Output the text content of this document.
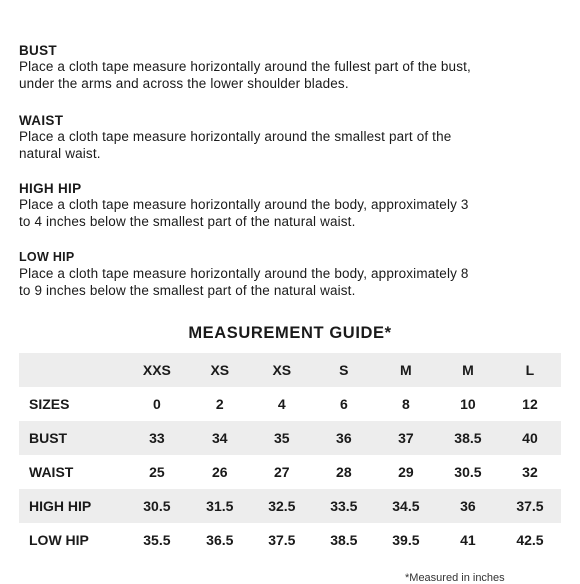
BUST

Place a cloth tape measure horizontally around the fullest part of the bust,

under the arms and across the lower shoulder blades.

WAIST

Place a cloth tape measure horizontally around the smallest part of the

natural waist.

HIGH HIP

Place a cloth tape measure horizontally around the body, approximately 3

to 4 inches below the smallest part of the natural waist.

LOW HIP

Place a cloth tape measure horizontally around the body, approximately 8

to 9 inches below the smallest part of the natural waist.

MEASUREMENT GUIDE*

	XXS	XS	XS	S	M	M	L
SIZES	0	2	4	6	8	10	12
BUST	33	34	35	36	37	38.5	40
WAIST	25	26	27	28	29	30.5	32
HIGH HIP	30.5	31.5	32.5	33.5	34.5	36	37.5
LOW HIP	35.5	36.5	37.5	38.5	39.5	41	42.5

*Measured in inches
